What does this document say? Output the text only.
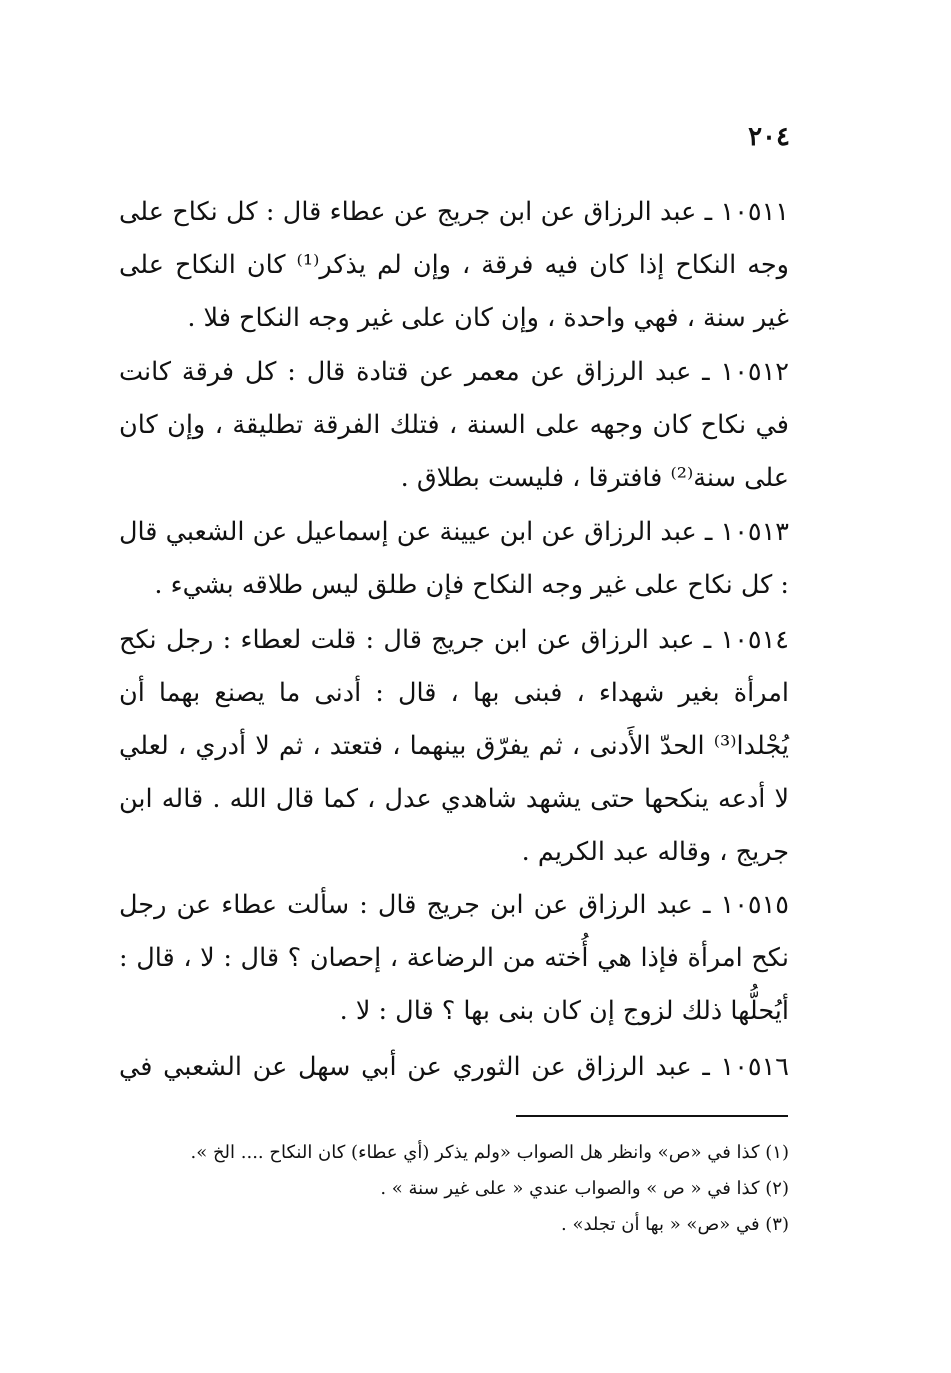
٢٠٤
١٠٥١١ ـ عبد الرزاق عن ابن جريج عن عطاء قال : كل نكاح على وجه النكاح إذا كان فيه فرقة ، وإن لم يذكر⁽¹⁾ كان النكاح على غير سنة ، فهي واحدة ، وإن كان على غير وجه النكاح فلا .
١٠٥١٢ ـ عبد الرزاق عن معمر عن قتادة قال : كل فرقة كانت في نكاح كان وجهه على السنة ، فتلك الفرقة تطليقة ، وإن كان على سنة⁽²⁾ فافترقا ، فليست بطلاق .
١٠٥١٣ ـ عبد الرزاق عن ابن عيينة عن إسماعيل عن الشعبي قال : كل نكاح على غير وجه النكاح فإن طلق ليس طلاقه بشيء .
١٠٥١٤ ـ عبد الرزاق عن ابن جريج قال : قلت لعطاء : رجل نكح امرأة بغير شهداء ، فبنى بها ، قال : أدنى ما يصنع بهما أن يُجْلدا⁽³⁾ الحدّ الأَدنى ، ثم يفرّق بينهما ، فتعتد ، ثم لا أدري ، لعلي لا أدعه ينكحها حتى يشهد شاهدي عدل ، كما قال الله . قاله ابن جريج ، وقاله عبد الكريم .
١٠٥١٥ ـ عبد الرزاق عن ابن جريج قال : سألت عطاء عن رجل نكح امرأة فإذا هي أُخته من الرضاعة ، إحصان ؟ قال : لا ، قال : أيُحلُّها ذلك لزوج إن كان بنى بها ؟ قال : لا .
١٠٥١٦ ـ عبد الرزاق عن الثوري عن أبي سهل عن الشعبي في
(١) كذا في «ص» وانظر هل الصواب «ولم يذكر (أي عطاء) كان النكاح .... الخ ».
(٢) كذا في « ص » والصواب عندي « على غير سنة » .
(٣) في «ص» « بها أن تجلد» .
